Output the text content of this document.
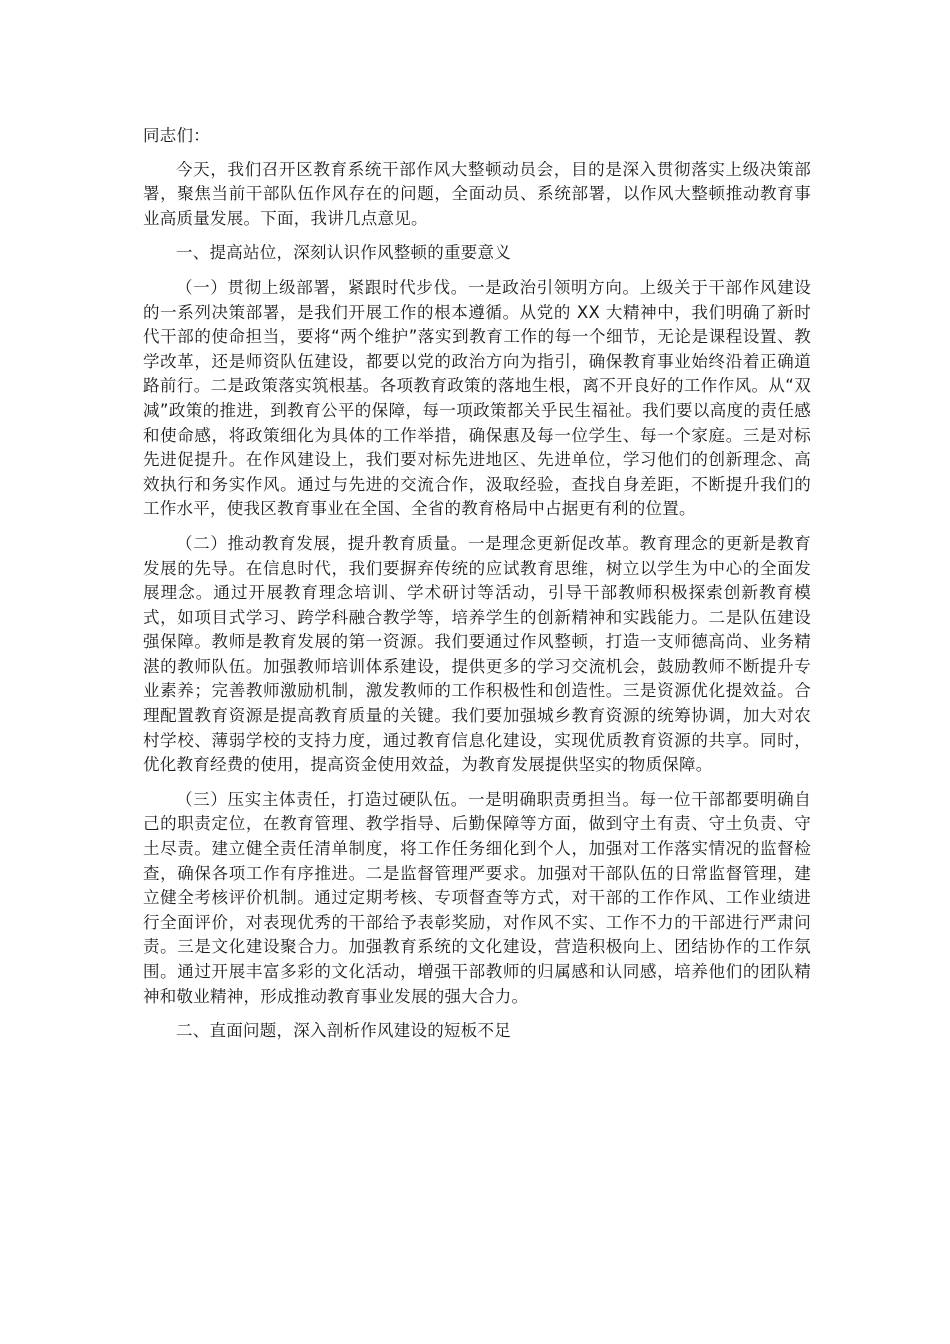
同志们：

今天，我们召开区教育系统干部作风大整顿动员会，目的是深入贯彻落实上级决策部署，聚焦当前干部队伍作风存在的问题，全面动员、系统部署，以作风大整顿推动教育事业高质量发展。下面，我讲几点意见。

一、提高站位，深刻认识作风整顿的重要意义

（一）贯彻上级部署，紧跟时代步伐。一是政治引领明方向。上级关于干部作风建设的一系列决策部署，是我们开展工作的根本遵循。从党的 XX 大精神中，我们明确了新时代干部的使命担当，要将“两个维护”落实到教育工作的每一个细节，无论是课程设置、教学改革，还是师资队伍建设，都要以党的政治方向为指引，确保教育事业始终沿着正确道路前行。二是政策落实筑根基。各项教育政策的落地生根，离不开良好的工作作风。从“双减”政策的推进，到教育公平的保障，每一项政策都关乎民生福祉。我们要以高度的责任感和使命感，将政策细化为具体的工作举措，确保惠及每一位学生、每一个家庭。三是对标先进促提升。在作风建设上，我们要对标先进地区、先进单位，学习他们的创新理念、高效执行和务实作风。通过与先进的交流合作，汲取经验，查找自身差距，不断提升我们的工作水平，使我区教育事业在全国、全省的教育格局中占据更有利的位置。

（二）推动教育发展，提升教育质量。一是理念更新促改革。教育理念的更新是教育发展的先导。在信息时代，我们要摒弃传统的应试教育思维，树立以学生为中心的全面发展理念。通过开展教育理念培训、学术研讨等活动，引导干部教师积极探索创新教育模式，如项目式学习、跨学科融合教学等，培养学生的创新精神和实践能力。二是队伍建设强保障。教师是教育发展的第一资源。我们要通过作风整顿，打造一支师德高尚、业务精湛的教师队伍。加强教师培训体系建设，提供更多的学习交流机会，鼓励教师不断提升专业素养；完善教师激励机制，激发教师的工作积极性和创造性。三是资源优化提效益。合理配置教育资源是提高教育质量的关键。我们要加强城乡教育资源的统筹协调，加大对农村学校、薄弱学校的支持力度，通过教育信息化建设，实现优质教育资源的共享。同时，优化教育经费的使用，提高资金使用效益，为教育发展提供坚实的物质保障。

（三）压实主体责任，打造过硬队伍。一是明确职责勇担当。每一位干部都要明确自己的职责定位，在教育管理、教学指导、后勤保障等方面，做到守土有责、守土负责、守土尽责。建立健全责任清单制度，将工作任务细化到个人，加强对工作落实情况的监督检查，确保各项工作有序推进。二是监督管理严要求。加强对干部队伍的日常监督管理，建立健全考核评价机制。通过定期考核、专项督查等方式，对干部的工作作风、工作业绩进行全面评价，对表现优秀的干部给予表彰奖励，对作风不实、工作不力的干部进行严肃问责。三是文化建设聚合力。加强教育系统的文化建设，营造积极向上、团结协作的工作氛围。通过开展丰富多彩的文化活动，增强干部教师的归属感和认同感，培养他们的团队精神和敬业精神，形成推动教育事业发展的强大合力。

二、直面问题，深入剖析作风建设的短板不足
